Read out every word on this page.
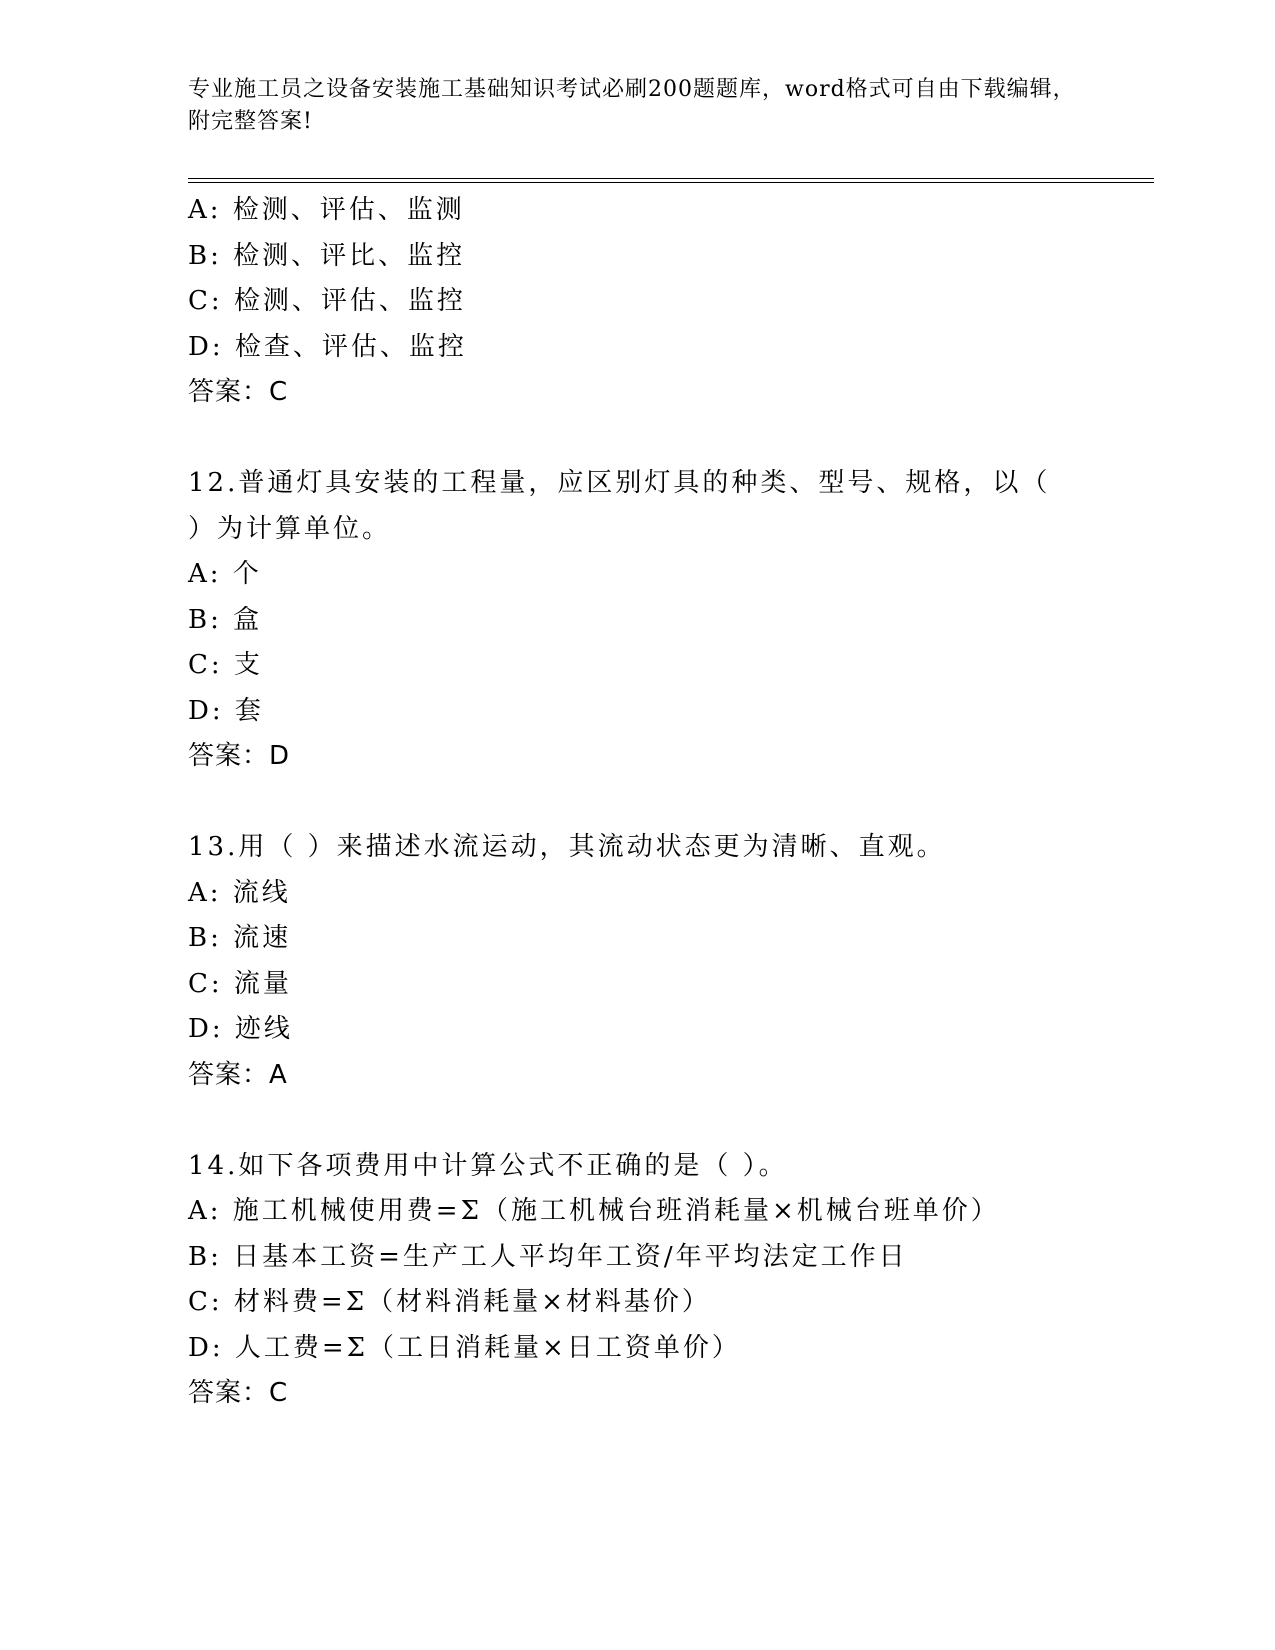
专业施工员之设备安装施工基础知识考试必刷200题题库，word格式可自由下载编辑，附完整答案!
A: 检测、评估、监测
B: 检测、评比、监控
C: 检测、评估、监控
D: 检查、评估、监控
答案：C
12.普通灯具安装的工程量，应区别灯具的种类、型号、规格，以（
）为计算单位。
A: 个
B: 盒
C: 支
D: 套
答案：D
13.用（ ）来描述水流运动，其流动状态更为清晰、直观。
A: 流线
B: 流速
C: 流量
D: 迹线
答案：A
14.如下各项费用中计算公式不正确的是（ ）。
A: 施工机械使用费=Σ（施工机械台班消耗量×机械台班单价）
B: 日基本工资=生产工人平均年工资/年平均法定工作日
C: 材料费=Σ（材料消耗量×材料基价）
D: 人工费=Σ（工日消耗量×日工资单价）
答案：C
